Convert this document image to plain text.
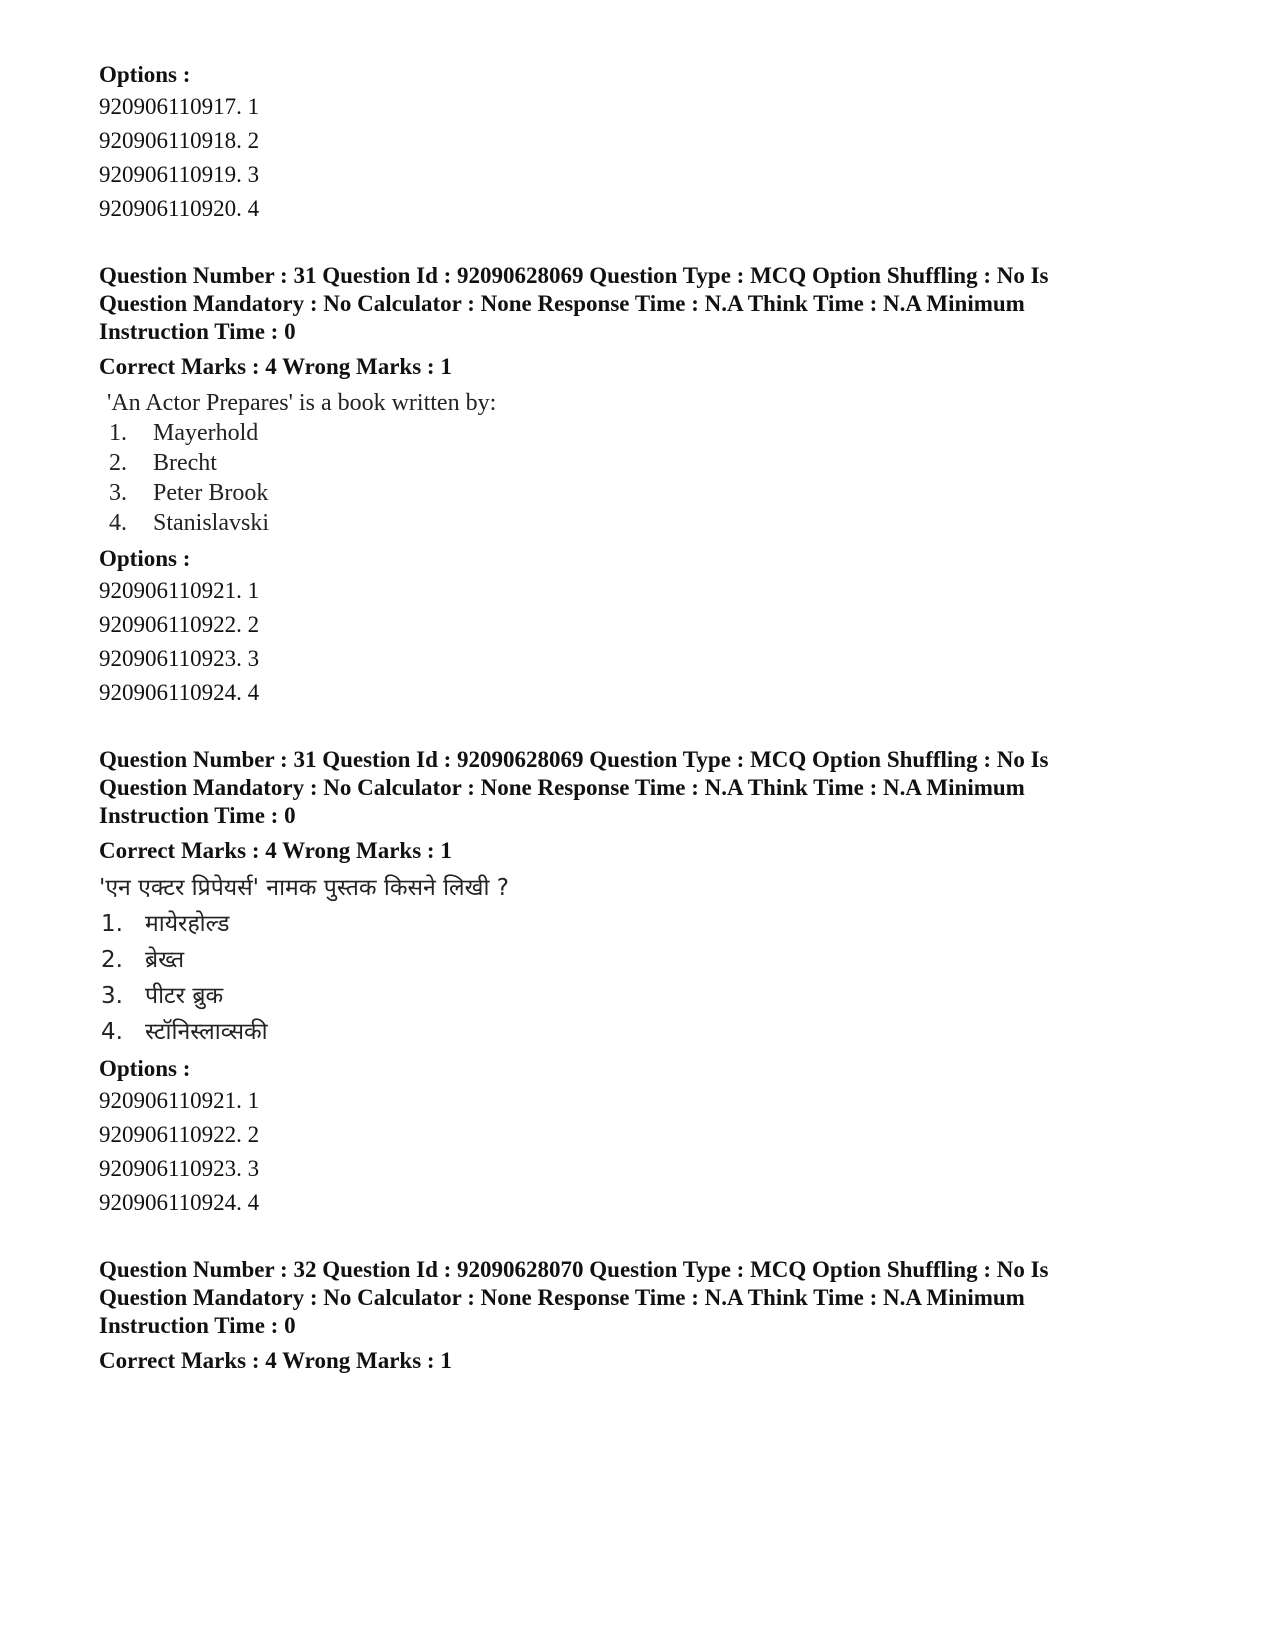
Options :
920906110917. 1
920906110918. 2
920906110919. 3
920906110920. 4
Question Number : 31 Question Id : 92090628069 Question Type : MCQ Option Shuffling : No Is
Question Mandatory : No Calculator : None Response Time : N.A Think Time : N.A Minimum
Instruction Time : 0
Correct Marks : 4 Wrong Marks : 1
'An Actor Prepares' is a book written by:
1.	Mayerhold
2.	Brecht
3.	Peter Brook
4.	Stanislavski
Options :
920906110921. 1
920906110922. 2
920906110923. 3
920906110924. 4
Question Number : 31 Question Id : 92090628069 Question Type : MCQ Option Shuffling : No Is
Question Mandatory : No Calculator : None Response Time : N.A Think Time : N.A Minimum
Instruction Time : 0
Correct Marks : 4 Wrong Marks : 1
'एन एक्टर प्रिपेयर्स' नामक पुस्तक किसने लिखी ?
1. मायेरहोल्ड
2. ब्रेख्त
3. पीटर ब्रुक
4. स्टॉनिस्लाव्सकी
Options :
920906110921. 1
920906110922. 2
920906110923. 3
920906110924. 4
Question Number : 32 Question Id : 92090628070 Question Type : MCQ Option Shuffling : No Is
Question Mandatory : No Calculator : None Response Time : N.A Think Time : N.A Minimum
Instruction Time : 0
Correct Marks : 4 Wrong Marks : 1
